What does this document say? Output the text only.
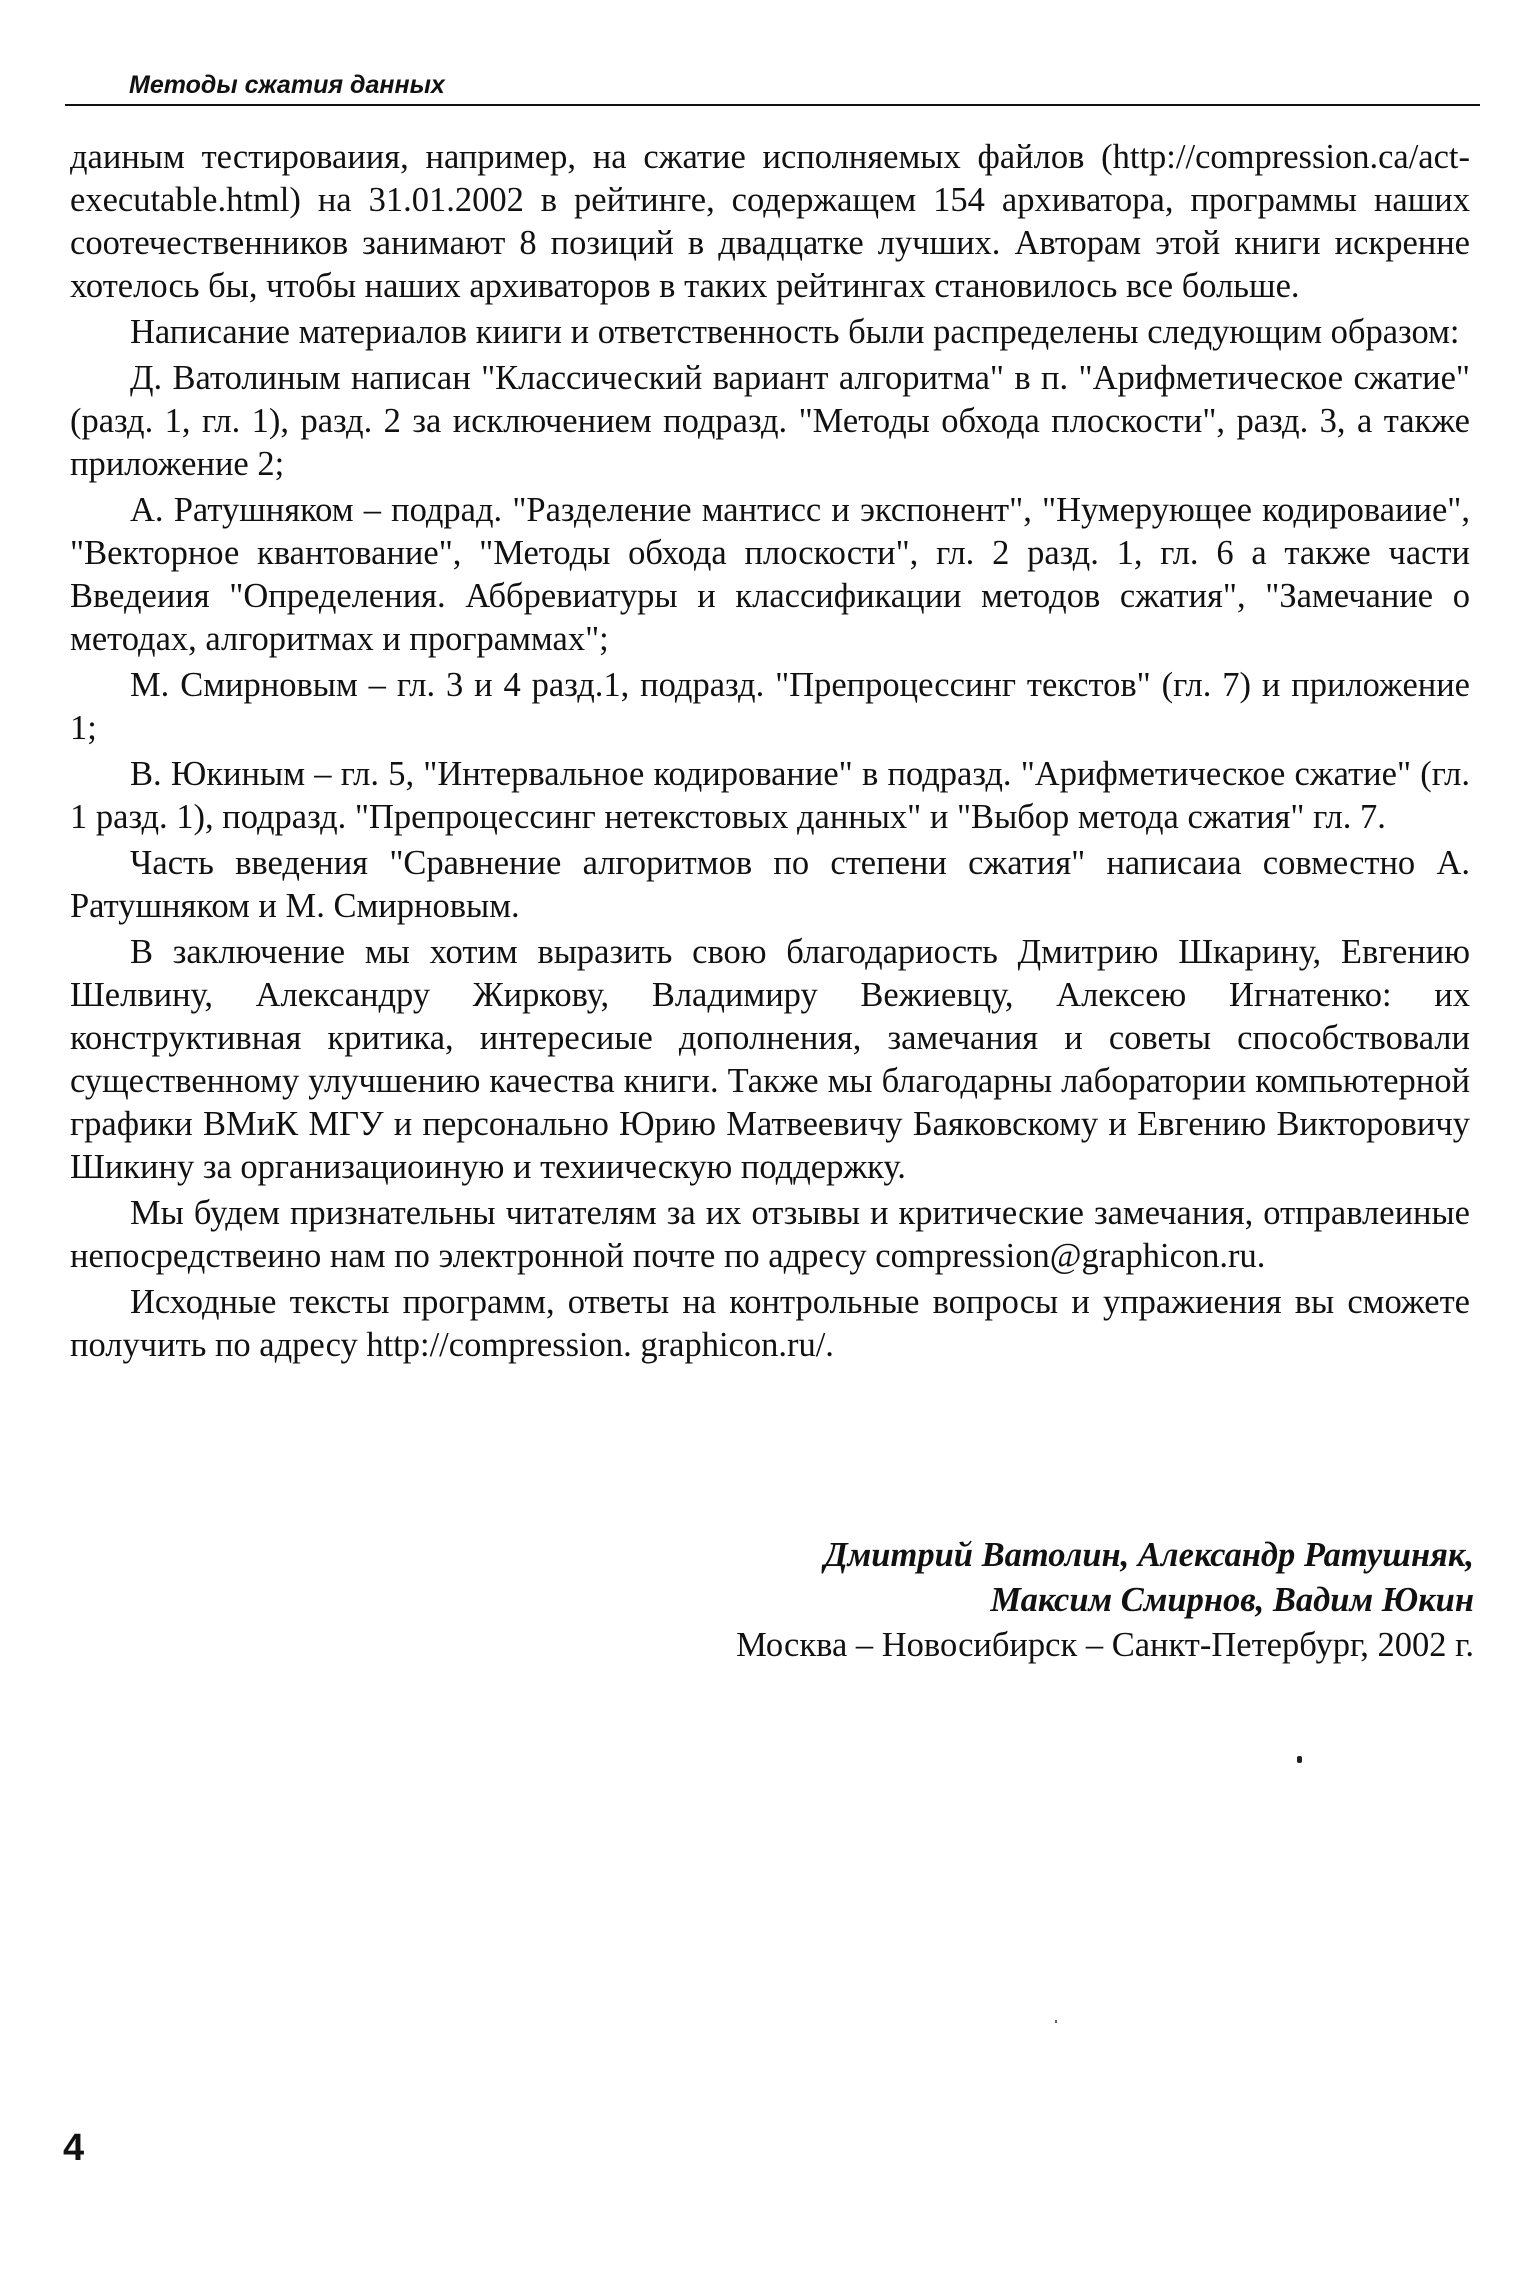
Методы сжатия данных

даиным тестироваиия, например, на сжатие исполняемых файлов (http://compression.ca/act-executable.html) на 31.01.2002 в рейтинге, содержащем 154 архиватора, программы наших соотечественников занимают 8 позиций в двадцатке лучших. Авторам этой книги искренне хотелось бы, чтобы наших архиваторов в таких рейтингах становилось все больше.

Написание материалов кииги и ответственность были распределены следующим образом:

Д. Ватолиным написан "Классический вариант алгоритма" в п. "Арифметическое сжатие" (разд. 1, гл. 1), разд. 2 за исключением подразд. "Методы обхода плоскости", разд. 3, а также приложение 2;

А. Ратушняком – подрад. "Разделение мантисс и экспонент", "Нумерующее кодироваиие", "Векторное квантование", "Методы обхода плоскости", гл. 2 разд. 1, гл. 6 а также части Введеиия "Определения. Аббревиатуры и классификации методов сжатия", "Замечание о методах, алгоритмах и программах";

М. Смирновым – гл. 3 и 4 разд.1, подразд. "Препроцессинг текстов" (гл. 7) и приложение 1;

В. Юкиным – гл. 5, "Интервальное кодирование" в подразд. "Арифметическое сжатие" (гл. 1 разд. 1), подразд. "Препроцессинг нетекстовых данных" и "Выбор метода сжатия" гл. 7.

Часть введения "Сравнение алгоритмов по степени сжатия" написаиа совместно А. Ратушняком и М. Смирновым.

В заключение мы хотим выразить свою благодариость Дмитрию Шкарину, Евгению Шелвину, Александру Жиркову, Владимиру Вежиевцу, Алексею Игнатенко: их конструктивная критика, интересиые дополнения, замечания и советы способствовали существенному улучшению качества книги. Также мы благодарны лаборатории компьютерной графики ВМиК МГУ и персонально Юрию Матвеевичу Баяковскому и Евгению Викторовичу Шикину за организациоиную и техиическую поддержку.

Мы будем признательны читателям за их отзывы и критические замечания, отправлеиные непосредствеино нам по электронной почте по адресу compression@graphicon.ru.

Исходные тексты программ, ответы на контрольные вопросы и упражиения вы сможете получить по адресу http://compression. graphicon.ru/.

Дмитрий Ватолин, Александр Ратушняк,
Максим Смирнов, Вадим Юкин
Москва – Новосибирск – Санкт-Петербург, 2002 г.
4
